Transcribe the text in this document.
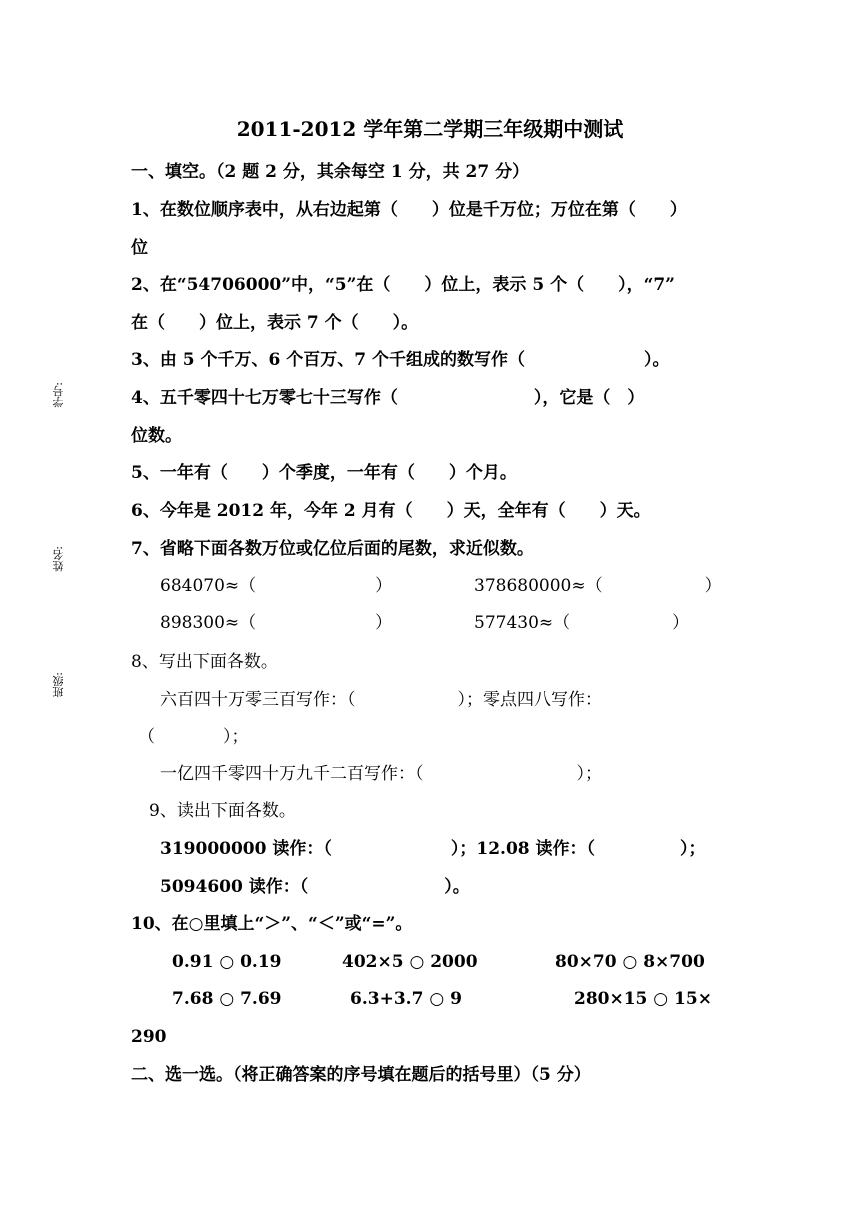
学号:
姓名:
班级:
2011-2012 学年第二学期三年级期中测试
一、填空。（2 题 2 分，其余每空 1 分，共 27 分）
1、在数位顺序表中，从右边起第（　　）位是千万位；万位在第（　　）
位
2、在“54706000”中，“5”在（　　）位上，表示 5 个（　　），“7”
在（　　）位上，表示 7 个（　　）。
3、由 5 个千万、6 个百万、7 个千组成的数写作（　　　　　　　）。
4、五千零四十七万零七十三写作（　　　　　　　　），它是（　）
位数。
5、一年有（　　）个季度，一年有（　　）个月。
6、今年是 2012 年，今年 2 月有（　　）天，全年有（　　）天。
7、省略下面各数万位或亿位后面的尾数，求近似数。
684070≈（　　　　　　　）	378680000≈（　　　　　　）
898300≈（　　　　　　　）	577430≈（　　　　　　）
8、写出下面各数。
六百四十万零三百写作：（　　　　　　）；零点四八写作：
（　　　　）；
一亿四千零四十万九千二百写作：（　　　　　　　　　）；
9、读出下面各数。
319000000 读作：（　　　　　　　）；12.08 读作：（　　　　　）；
5094600 读作：（　　　　　　　　）。
10、在○里填上“＞”、“＜”或“=”。
0.91 ○ 0.19	402×5 ○ 2000	80×70 ○ 8×700
7.68 ○ 7.69	6.3+3.7 ○ 9	280×15 ○ 15×
290
二、选一选。（将正确答案的序号填在题后的括号里）（5 分）
